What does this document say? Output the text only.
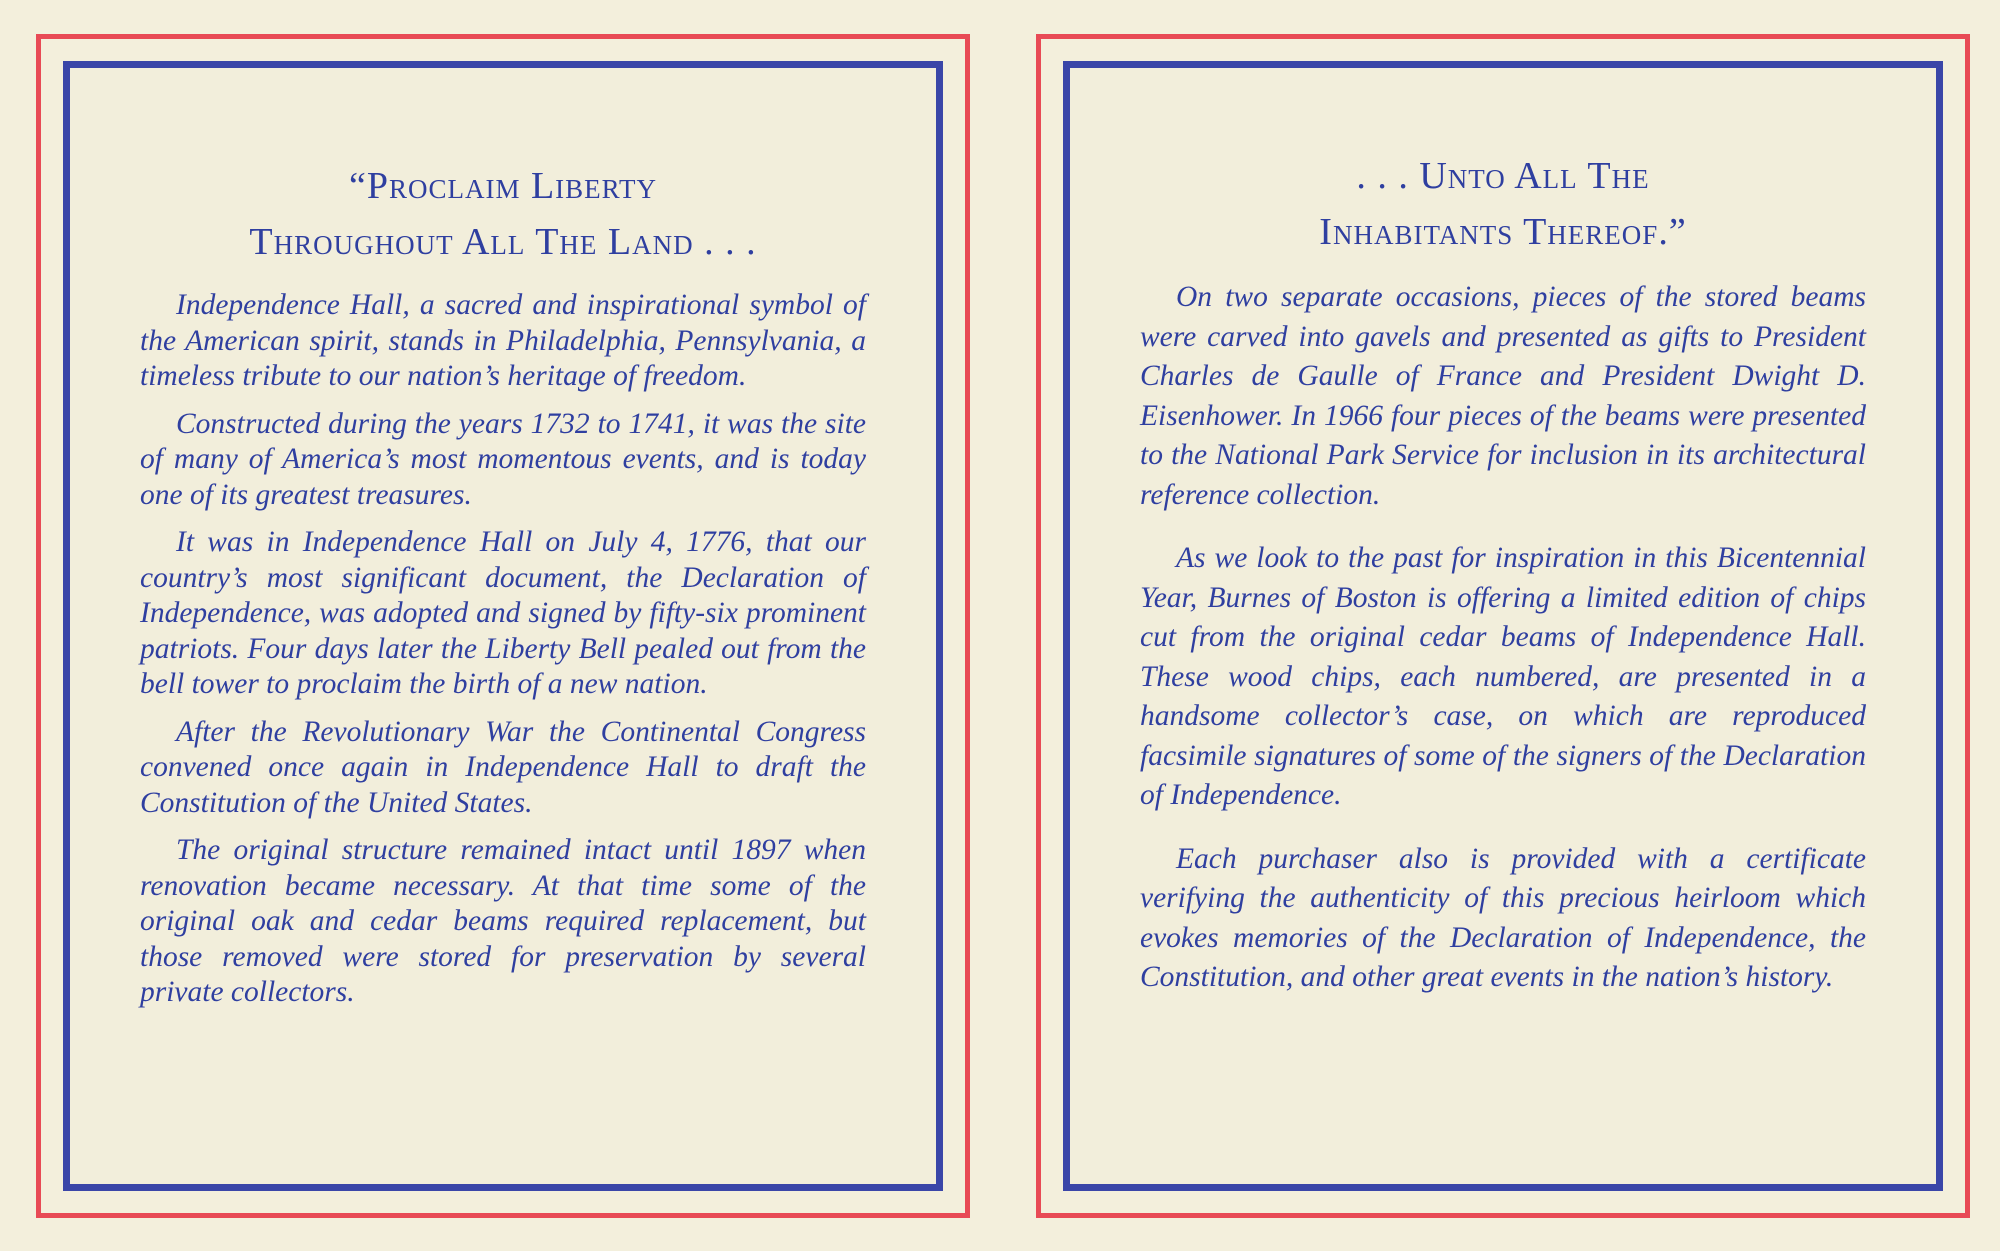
“Proclaim Liberty
Throughout All The Land . . .

Independence Hall, a sacred and inspirational symbol of the American spirit, stands in Philadelphia, Pennsylvania, a timeless tribute to our nation’s heritage of freedom.

Constructed during the years 1732 to 1741, it was the site of many of America’s most momentous events, and is today one of its greatest treasures.

It was in Independence Hall on July 4, 1776, that our country’s most significant document, the Declaration of Independence, was adopted and signed by fifty-six prominent patriots. Four days later the Liberty Bell pealed out from the bell tower to proclaim the birth of a new nation.

After the Revolutionary War the Continental Congress convened once again in Independence Hall to draft the Constitution of the United States.

The original structure remained intact until 1897 when renovation became necessary. At that time some of the original oak and cedar beams required replacement, but those removed were stored for preservation by several private collectors.

. . . Unto All The
Inhabitants Thereof.”

On two separate occasions, pieces of the stored beams were carved into gavels and presented as gifts to President Charles de Gaulle of France and President Dwight D. Eisenhower. In 1966 four pieces of the beams were presented to the National Park Service for inclusion in its architectural reference collection.

As we look to the past for inspiration in this Bicentennial Year, Burnes of Boston is offering a limited edition of chips cut from the original cedar beams of Independence Hall. These wood chips, each numbered, are presented in a handsome collector’s case, on which are reproduced facsimile signatures of some of the signers of the Declaration of Independence.

Each purchaser also is provided with a certificate verifying the authenticity of this precious heirloom which evokes memories of the Declaration of Independence, the Constitution, and other great events in the nation’s history.
